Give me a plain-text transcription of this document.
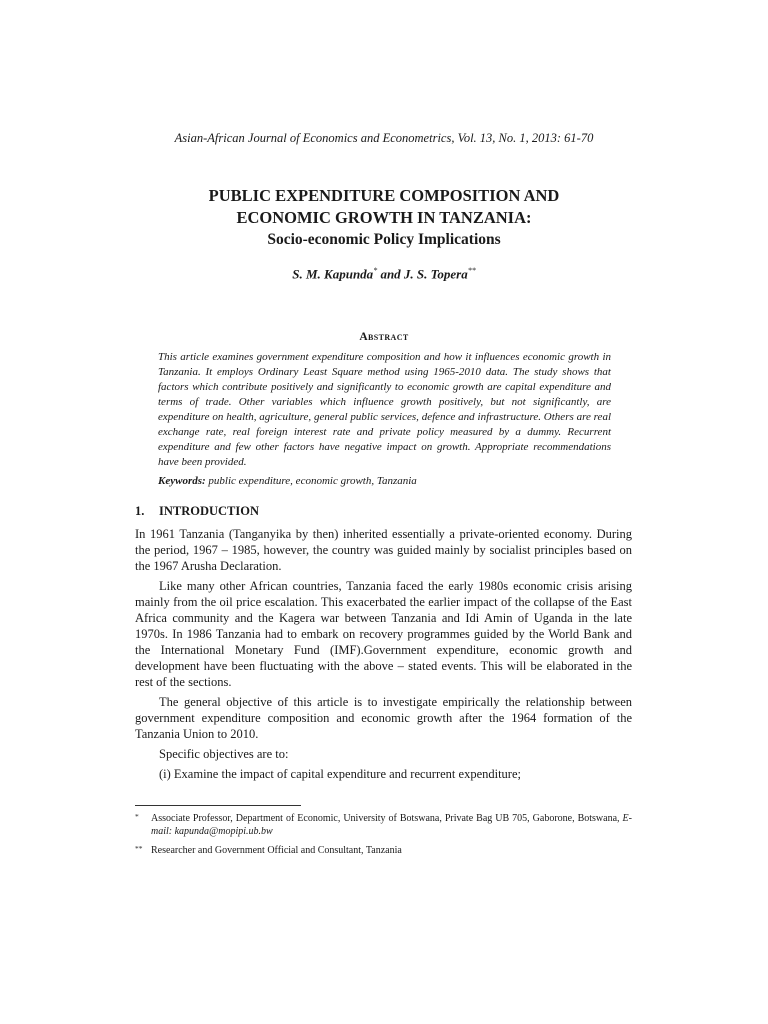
Asian-African Journal of Economics and Econometrics, Vol. 13, No. 1, 2013: 61-70
PUBLIC EXPENDITURE COMPOSITION AND
ECONOMIC GROWTH IN TANZANIA:
Socio-economic Policy Implications
S. M. Kapunda* and J. S. Topera**
Abstract
This article examines government expenditure composition and how it influences economic growth in Tanzania. It employs Ordinary Least Square method using 1965-2010 data. The study shows that factors which contribute positively and significantly to economic growth are capital expenditure and terms of trade. Other variables which influence growth positively, but not significantly, are expenditure on health, agriculture, general public services, defence and infrastructure. Others are real exchange rate, real foreign interest rate and private policy measured by a dummy. Recurrent expenditure and few other factors have negative impact on growth. Appropriate recommendations have been provided.
Keywords: public expenditure, economic growth, Tanzania
1. INTRODUCTION

In 1961 Tanzania (Tanganyika by then) inherited essentially a private-oriented economy. During the period, 1967 – 1985, however, the country was guided mainly by socialist principles based on the 1967 Arusha Declaration.

Like many other African countries, Tanzania faced the early 1980s economic crisis arising mainly from the oil price escalation. This exacerbated the earlier impact of the collapse of the East Africa community and the Kagera war between Tanzania and Idi Amin of Uganda in the late 1970s. In 1986 Tanzania had to embark on recovery programmes guided by the World Bank and the International Monetary Fund (IMF).Government expenditure, economic growth and development have been fluctuating with the above – stated events. This will be elaborated in the rest of the sections.

The general objective of this article is to investigate empirically the relationship between government expenditure composition and economic growth after the 1964 formation of the Tanzania Union to 2010.

Specific objectives are to:

(i) Examine the impact of capital expenditure and recurrent expenditure;

* Associate Professor, Department of Economic, University of Botswana, Private Bag UB 705, Gaborone, Botswana, E-mail: kapunda@mopipi.ub.bw
** Researcher and Government Official and Consultant, Tanzania
